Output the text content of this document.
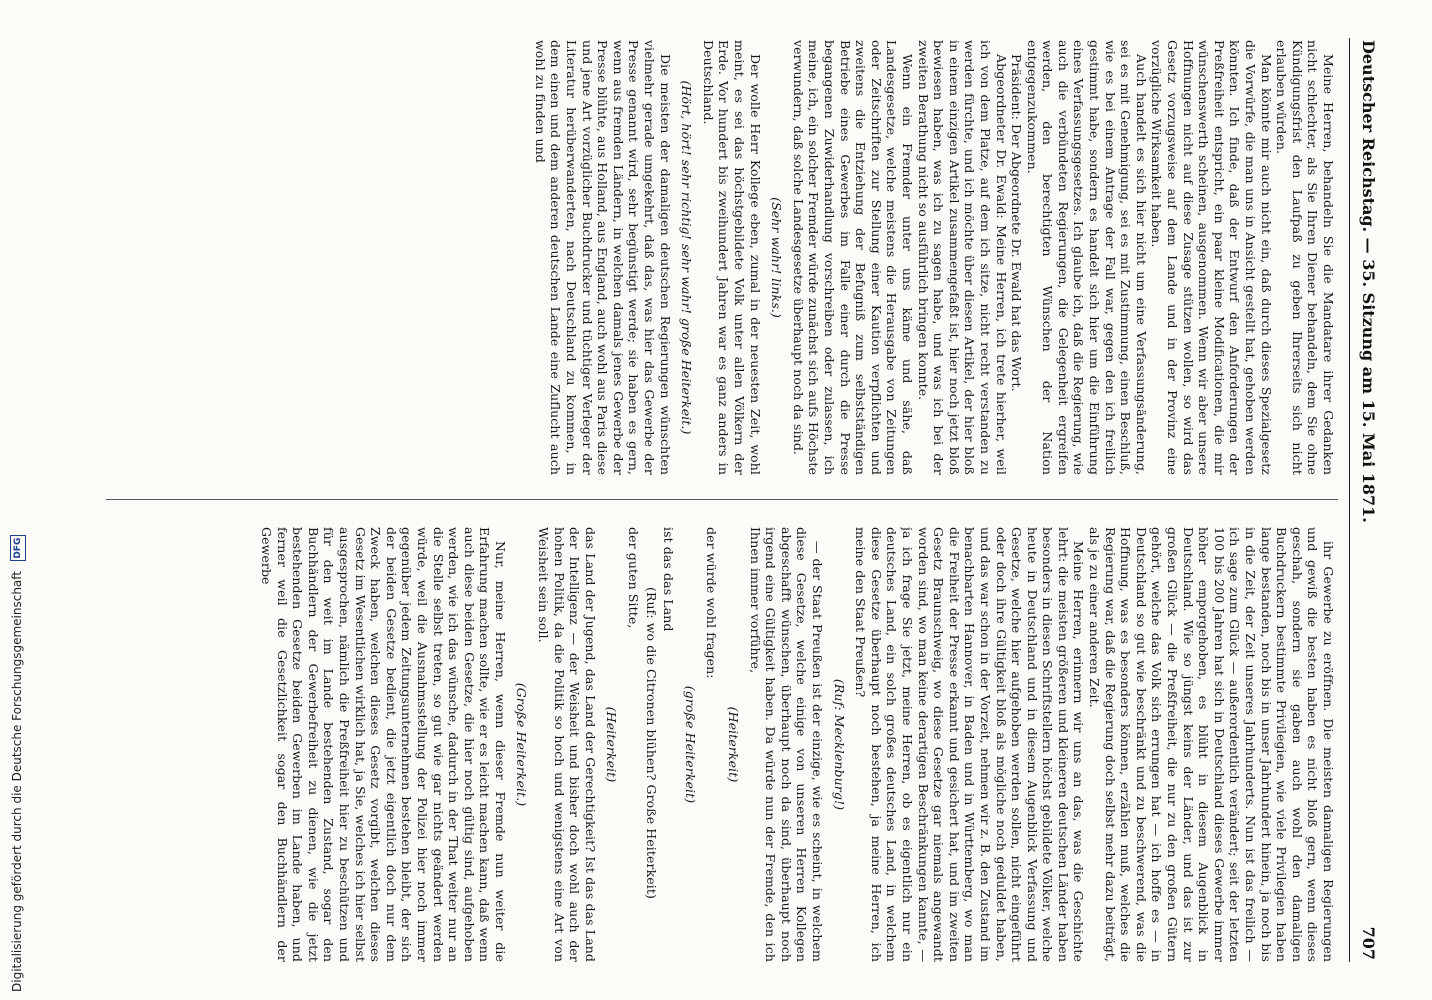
Deutscher Reichstag. — 35. Sitzung am 15. Mai 1871.
707

Meine Herren, behandeln Sie die Mandatare ihrer Gedanken nicht schlechter, als Sie Ihren Diener behandeln, dem Sie ohne Kündigungsfrist den Laufpaß zu geben Ihrerseits sich nicht erlauben würden.

Man könnte mir auch nicht ein, daß durch dieses Spezialgesetz die Vorwürfe, die man uns in Ansicht gestellt hat, gehoben werden könnten. Ich finde, daß der Entwurf den Anforderungen der Preßfreiheit entspricht, ein paar kleine Modificationen, die mir wünschenswerth scheinen, ausgenommen. Wenn wir aber unsere Hoffnungen nicht auf diese Zusage stützen wollen, so wird das Gesetz vorzugsweise auf dem Lande und in der Provinz eine vorzügliche Wirksamkeit haben.

Auch handelt es sich hier nicht um eine Verfassungsänderung, sei es mit Genehmigung, sei es mit Zustimmung, einen Beschluß, wie es bei einem Antrage der Fall war, gegen den ich freilich gestimmt habe, sondern es handelt sich hier um die Einführung eines Verfassungsgesetzes. Ich glaube ich, daß die Regierung, wie auch die verbündeten Regierungen, die Gelegenheit ergreifen werden, den berechtigten Wünschen der Nation entgegenzukommen.

Präsident: Der Abgeordnete Dr. Ewald hat das Wort.

Abgeordneter Dr. Ewald: Meine Herren, ich trete hierher, weil ich von dem Platze, auf dem ich sitze, nicht recht verstanden zu werden fürchte, und ich möchte über diesen Artikel, der hier bloß in einem einzigen Artikel zusammengefaßt ist, hier noch jetzt bloß bewiesen haben, was ich zu sagen habe, und was ich bei der zweiten Berathung nicht so ausführlich bringen konnte.

Wenn ein Fremder unter uns käme und sähe, daß Landesgesetze, welche meistens die Herausgabe von Zeitungen oder Zeitschriften zur Stellung einer Kaution verpflichten und zweitens die Entziehung der Befugniß zum selbstständigen Betriebe eines Gewerbes im Falle einer durch die Presse begangenen Zuwiderhandlung vorschreiben oder zulassen, ich meine, ich, ein solcher Fremder würde zunächst sich aufs Höchste verwundern, daß solche Landesgesetze überhaupt noch da sind.

(Sehr wahr! links.)

Der wolle Herr Kollege eben, zumal in der neuesten Zeit, wohl meint, es sei das höchstgebildete Volk unter allen Völkern der Erde. Vor hundert bis zweihundert Jahren war es ganz anders in Deutschland.

(Hört, hört! sehr richtig! sehr wahr! große Heiterkeit.)

Die meisten der damaligen deutschen Regierungen wünschten vielmehr gerade umgekehrt, daß das, was hier das Gewerbe der Presse genannt wird, sehr begünstigt werde; sie haben es gern, wenn aus fremden Ländern, in welchen damals jenes Gewerbe der Presse blühte, aus Holland, aus England, auch wohl aus Paris diese und jene Art vorzüglicher Buchdrucker und tüchtiger Verleger der Literatur herüberwanderten, nach Deutschland zu kommen, in dem einen und dem anderen deutschen Lande eine Zuflucht auch wohl zu finden und

ihr Gewerbe zu eröffnen. Die meisten damaligen Regierungen und gewiß die besten haben es nicht bloß gern, wenn dieses geschah, sondern sie gaben auch wohl den damaligen Buchdruckern bestimmte Privilegien, wie viele Privilegien haben lange bestanden, noch bis in unser Jahrhundert hinein, ja noch bis in die Zeit, der Zeit unseres Jahrhunderts. Nun ist das freilich — ich sage zum Glück — außerordentlich verändert; seit der letzten 100 bis 200 Jahren hat sich in Deutschland dieses Gewerbe immer höher emporgehoben, es blüht in diesem Augenblick in Deutschland. Wie so jüngst keins der Länder, und das ist zur großen Glück — die Preßfreiheit, die nur zu den großen Gütern gehört, welche das Volk sich errungen hat — ich hoffe es — in Deutschland so gut wie beschränkt und zu beschwerend, was die Hoffnung, was es besonders können, erzählen muß, welches die Regierung war, daß die Regierung doch selbst mehr dazu beiträgt, als je zu einer anderen Zeit.

Meine Herren, erinnern wir uns an das, was die Geschichte lehrt: die meisten größeren und kleineren deutschen Länder haben besonders in diesen Schriftstellern höchst gebildete Völker, welche heute in Deutschland und in diesem Augenblick Verfassung und Gesetze, welche hier aufgehoben werden sollen, nicht eingeführt oder doch ihre Gültigkeit bloß als mögliche noch geduldet haben, und das war schon in der Vorzeit, nehmen wir z. B. den Zustand im benachbarten Hannover, in Baden und in Württemberg, wo man die Freiheit der Presse erkannt und gesichert hat, und im zweiten Gesetz Braunschweig, wo diese Gesetze gar niemals angewandt worden sind, wo man keine derartigen Beschränkungen kannte, — ja ich frage Sie jetzt, meine Herren, ob es eigentlich nur ein deutsches Land, ein solch großes deutsches Land, in welchem diese Gesetze überhaupt noch bestehen, ja meine Herren, ich meine den Staat Preußen?

(Ruf: Mecklenburg!)

— der Staat Preußen ist der einzige, wie es scheint, in welchem diese Gesetze, welche einige von unseren Herren Kollegen abgeschafft wünschen, überhaupt noch da sind, überhaupt noch irgend eine Gültigkeit haben. Da würde nun der Fremde, den ich Ihnen immer vorführe,

(Heiterkeit)

der würde wohl fragen:

(große Heiterkeit)

ist das das Land

(Ruf: wo die Citronen blühen? Große Heiterkeit)

der guten Sitte,

(Heiterkeit)

das Land der Jugend, das Land der Gerechtigkeit? Ist das das Land der Intelligenz — der Weisheit und bisher doch wohl auch der hohen Politik, da die Politik so hoch und wenigstens eine Art von Weisheit sein soll.

(Große Heiterkeit.)

Nur, meine Herren, wenn dieser Fremde nun weiter die Erfahrung machen sollte, wie er es leicht machen kann, daß wenn auch diese beiden Gesetze, die hier noch gültig sind, aufgehoben werden, wie ich das wünsche, dadurch in der That weiter nur an die Stelle selbst treten, so gut wie gar nichts geändert werden würde, weil die Ausnahmsstellung der Polizei hier noch immer gegenüber jedem Zeitungsunternehmen bestehen bleibt, der sich der beiden Gesetze bedient, die jetzt eigentlich doch nur dem Zweck haben, welchen dieses Gesetz vorgibt, welchen dieses Gesetz im Wesentlichen wirklich hat, ja Sie, welches ich hier selbst ausgesprochen, nämlich die Preßfreiheit hier zu beschützen und für den weit im Lande bestehenden Zustand, sogar den Buchhändlern der Gewerbefreiheit zu dienen, wie die jetzt bestehenden Gesetze beiden Gewerben im Lande haben, und ferner weil die Gesetzlichkeit sogar den Buchhändlern der Gewerbe

Digitalisierung gefördert durch die Deutsche Forschungsgemeinschaft DFG
